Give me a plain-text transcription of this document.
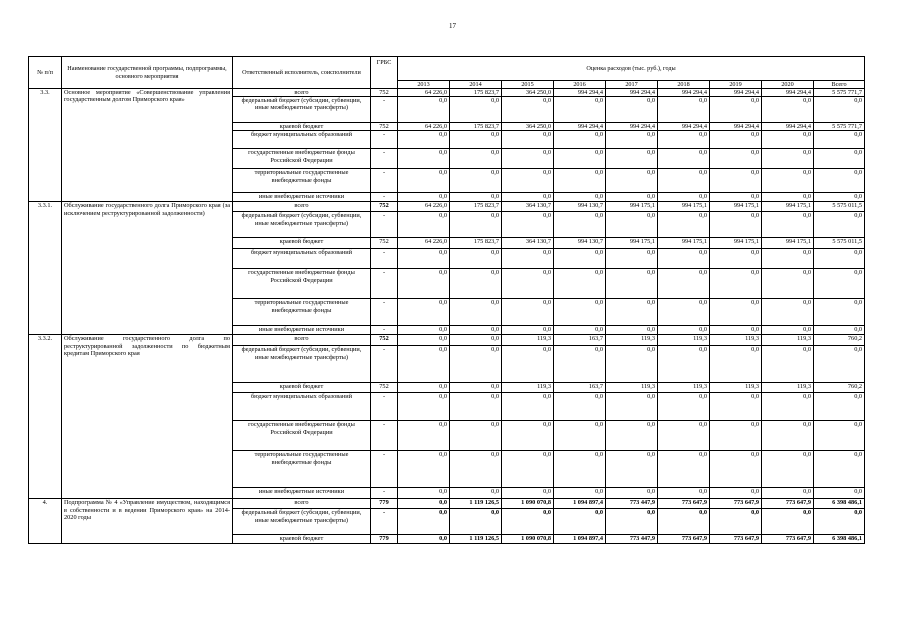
17
№ п/п	Наименование государственной программы, подпрограммы, основного мероприятия	Ответственный исполнитель, соисполнители	ГРБС	Оценка расходов (тыс. руб.), годы								
				2013	2014	2015	2016	2017	2018	2019	2020	Всего
3.3.	Основное мероприятие «Совершенствование управления государственным долгом Приморского края»	всего	752	64 226,0	175 823,7	364 250,0	994 294,4	994 294,4	994 294,4	994 294,4	994 294,4	5 575 771,7
		федеральный бюджет (субсидии, субвенции, иные межбюджетные трансферты)	-	0,0	0,0	0,0	0,0	0,0	0,0	0,0	0,0	0,0
		краевой бюджет	752	64 226,0	175 823,7	364 250,0	994 294,4	994 294,4	994 294,4	994 294,4	994 294,4	5 575 771,7
		бюджет муниципальных образований	-	0,0	0,0	0,0	0,0	0,0	0,0	0,0	0,0	0,0
		государственные внебюджетные фонды Российской Федерации	-	0,0	0,0	0,0	0,0	0,0	0,0	0,0	0,0	0,0
		территориальные государственные внебюджетные фонды	-	0,0	0,0	0,0	0,0	0,0	0,0	0,0	0,0	0,0
		иные внебюджетные источники	-	0,0	0,0	0,0	0,0	0,0	0,0	0,0	0,0	0,0
3.3.1.	Обслуживание государственного долга Приморского края (за исключением реструктурированной задолженности)	всего	752	64 226,0	175 823,7	364 130,7	994 130,7	994 175,1	994 175,1	994 175,1	994 175,1	5 575 011,5
		федеральный бюджет (субсидии, субвенции, иные межбюджетные трансферты)	-	0,0	0,0	0,0	0,0	0,0	0,0	0,0	0,0	0,0
		краевой бюджет	752	64 226,0	175 823,7	364 130,7	994 130,7	994 175,1	994 175,1	994 175,1	994 175,1	5 575 011,5
		бюджет муниципальных образований	-	0,0	0,0	0,0	0,0	0,0	0,0	0,0	0,0	0,0
		государственные внебюджетные фонды Российской Федерации	-	0,0	0,0	0,0	0,0	0,0	0,0	0,0	0,0	0,0
		территориальные государственные внебюджетные фонды	-	0,0	0,0	0,0	0,0	0,0	0,0	0,0	0,0	0,0
		иные внебюджетные источники	-	0,0	0,0	0,0	0,0	0,0	0,0	0,0	0,0	0,0
3.3.2.	Обслуживание государственного долга по реструктурированной задолженности по бюджетным кредитам Приморского края	всего	752	0,0	0,0	119,3	163,7	119,3	119,3	119,3	119,3	760,2
		федеральный бюджет (субсидии, субвенции, иные межбюджетные трансферты)	-	0,0	0,0	0,0	0,0	0,0	0,0	0,0	0,0	0,0
		краевой бюджет	752	0,0	0,0	119,3	163,7	119,3	119,3	119,3	119,3	760,2
		бюджет муниципальных образований	-	0,0	0,0	0,0	0,0	0,0	0,0	0,0	0,0	0,0
		государственные внебюджетные фонды Российской Федерации	-	0,0	0,0	0,0	0,0	0,0	0,0	0,0	0,0	0,0
		территориальные государственные внебюджетные фонды	-	0,0	0,0	0,0	0,0	0,0	0,0	0,0	0,0	0,0
		иные внебюджетные источники	-	0,0	0,0	0,0	0,0	0,0	0,0	0,0	0,0	0,0
4.	Подпрограмма № 4 «Управление имуществом, находящимся в собственности и в ведении Приморского края» на 2014-2020 годы	всего	779	0,0	1 119 126,5	1 090 070,8	1 094 897,4	773 447,9	773 647,9	773 647,9	773 647,9	6 398 486,1
		федеральный бюджет (субсидии, субвенции, иные межбюджетные трансферты)	-	0,0	0,0	0,0	0,0	0,0	0,0	0,0	0,0	0,0
		краевой бюджет	779	0,0	1 119 126,5	1 090 070,8	1 094 897,4	773 447,9	773 647,9	773 647,9	773 647,9	6 398 486,1
